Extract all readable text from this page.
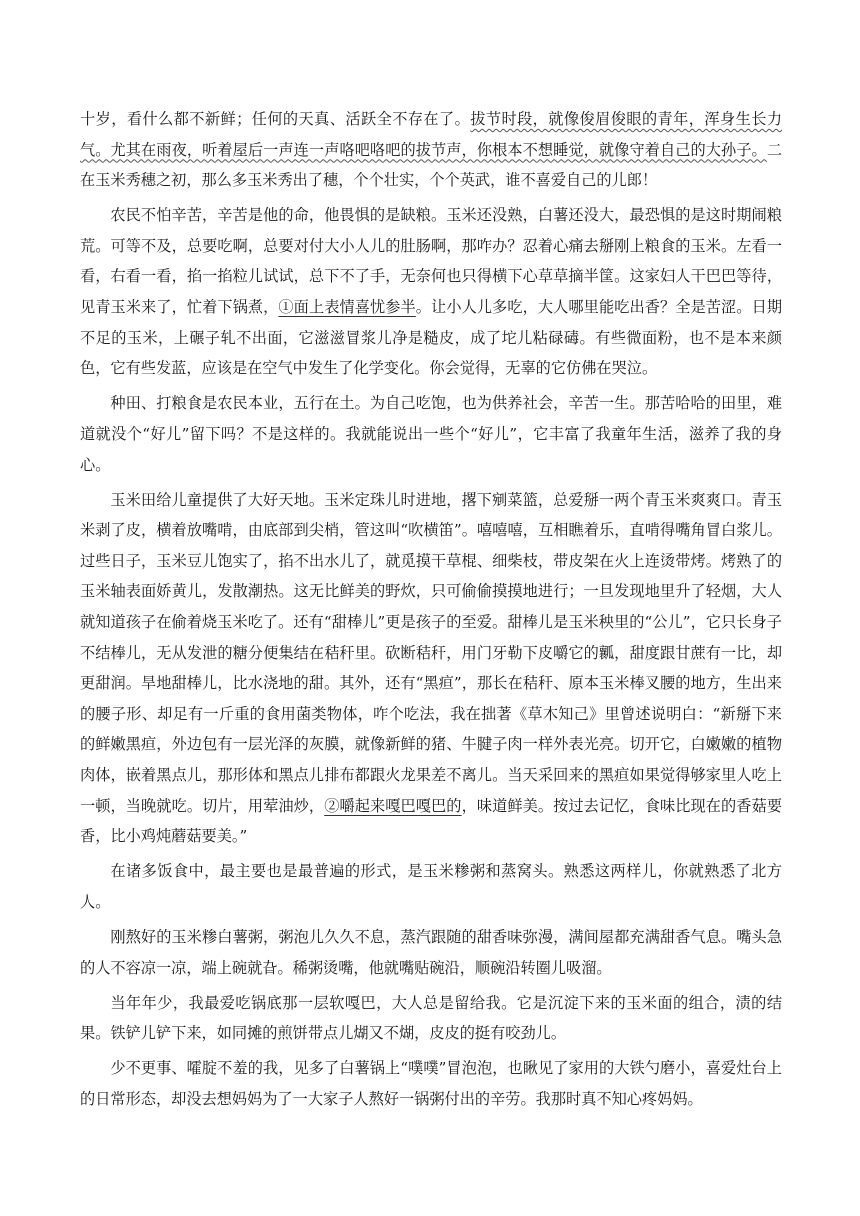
十岁，看什么都不新鲜；任何的天真、活跃全不存在了。拔节时段，就像俊眉俊眼的青年，浑身生长力气。尤其在雨夜，听着屋后一声连一声咯吧咯吧的拔节声，你根本不想睡觉，就像守着自己的大孙子。二在玉米秀穗之初，那么多玉米秀出了穗，个个壮实，个个英武，谁不喜爱自己的儿郎！

农民不怕辛苦，辛苦是他的命，他畏惧的是缺粮。玉米还没熟，白薯还没大，最恐惧的是这时期闹粮荒。可等不及，总要吃啊，总要对付大小人儿的肚肠啊，那咋办？忍着心痛去掰刚上粮食的玉米。左看一看，右看一看，掐一掐粒儿试试，总下不了手，无奈何也只得横下心草草摘半筐。这家妇人干巴巴等待，见青玉米来了，忙着下锅煮，①面上表情喜忧参半。让小人儿多吃，大人哪里能吃出香？全是苦涩。日期不足的玉米，上碾子轧不出面，它滋滋冒浆儿净是糙皮，成了坨儿粘碌碡。有些微面粉，也不是本来颜色，它有些发蓝，应该是在空气中发生了化学变化。你会觉得，无辜的它仿佛在哭泣。

种田、打粮食是农民本业，五行在土。为自己吃饱，也为供养社会，辛苦一生。那苦哈哈的田里，难道就没个“好儿”留下吗？不是这样的。我就能说出一些个“好儿”，它丰富了我童年生活，滋养了我的身心。

玉米田给儿童提供了大好天地。玉米定珠儿时进地，撂下剜菜篮，总爱掰一两个青玉米爽爽口。青玉米剥了皮，横着放嘴啃，由底部到尖梢，管这叫“吹横笛”。嘻嘻嘻，互相瞧着乐，直啃得嘴角冒白浆儿。过些日子，玉米豆儿饱实了，掐不出水儿了，就觅摸干草棍、细柴枝，带皮架在火上连烫带烤。烤熟了的玉米轴表面娇黄儿，发散潮热。这无比鲜美的野炊，只可偷偷摸摸地进行；一旦发现地里升了轻烟，大人就知道孩子在偷着烧玉米吃了。还有“甜棒儿”更是孩子的至爱。甜棒儿是玉米秧里的“公儿”，它只长身子不结棒儿，无从发泄的糖分便集结在秸秆里。砍断秸秆，用门牙勒下皮嚼它的瓤，甜度跟甘蔗有一比，却更甜润。旱地甜棒儿，比水浇地的甜。其外，还有“黑疸”，那长在秸秆、原本玉米棒叉腰的地方，生出来的腰子形、却足有一斤重的食用菌类物体，咋个吃法，我在拙著《草木知己》里曾述说明白：“新掰下来的鲜嫩黑疸，外边包有一层光泽的灰膜，就像新鲜的猪、牛腱子肉一样外表光亮。切开它，白嫩嫩的植物肉体，嵌着黑点儿，那形体和黑点儿排布都跟火龙果差不离儿。当天采回来的黑疸如果觉得够家里人吃上一顿，当晚就吃。切片，用荤油炒，②嚼起来嘎巴嘎巴的，味道鲜美。按过去记忆，食味比现在的香菇要香，比小鸡炖蘑菇要美。”

在诸多饭食中，最主要也是最普遍的形式，是玉米糁粥和蒸窝头。熟悉这两样儿，你就熟悉了北方人。

刚熬好的玉米糁白薯粥，粥泡儿久久不息，蒸汽跟随的甜香味弥漫，满间屋都充满甜香气息。嘴头急的人不容凉一凉，端上碗就旮。稀粥烫嘴，他就嘴贴碗沿，顺碗沿转圈儿吸溜。

当年年少，我最爱吃锅底那一层软嘎巴，大人总是留给我。它是沉淀下来的玉米面的组合，渍的结果。铁铲儿铲下来，如同摊的煎饼带点儿煳又不煳，皮皮的挺有咬劲儿。

少不更事、嚯腚不羞的我，见多了白薯锅上“噗噗”冒泡泡，也瞅见了家用的大铁勺磨小，喜爱灶台上的日常形态，却没去想妈妈为了一大家子人熬好一锅粥付出的辛劳。我那时真不知心疼妈妈。
